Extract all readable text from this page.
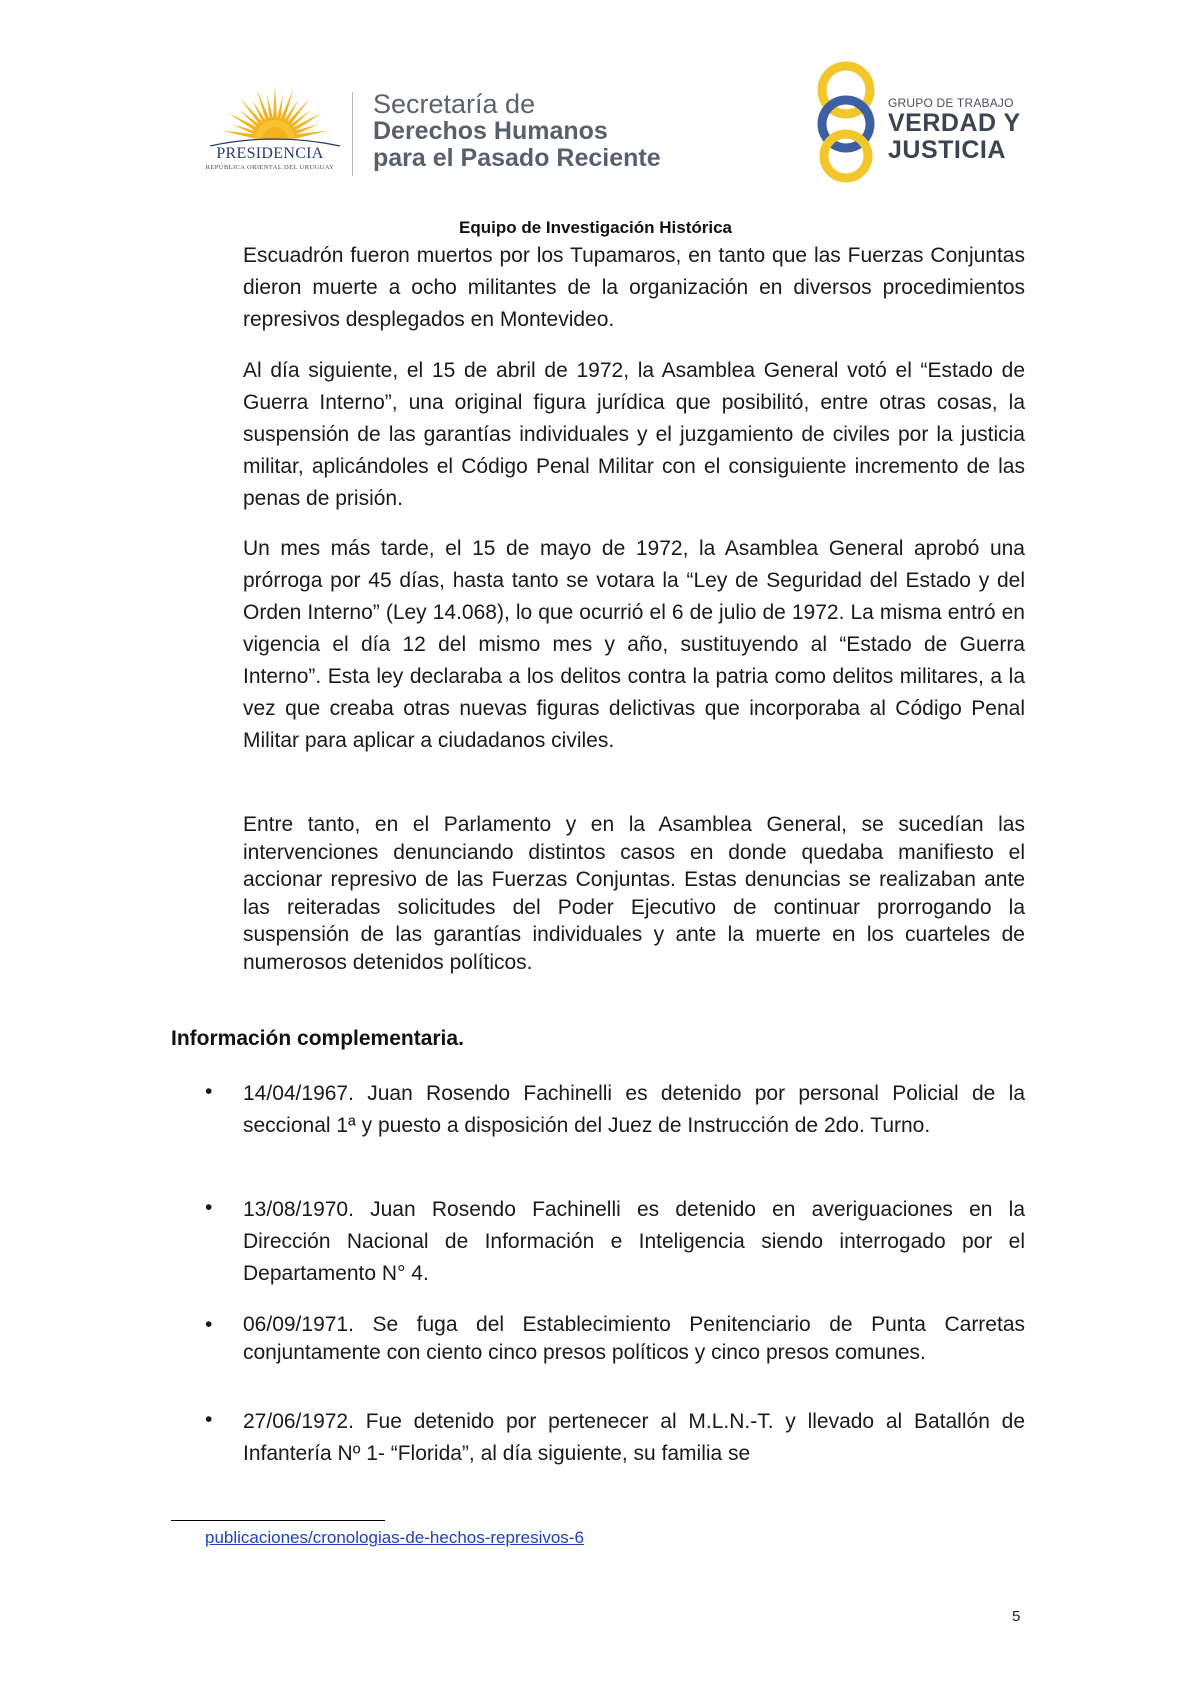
PRESIDENCIA
REPÚBLICA ORIENTAL DEL URUGUAY
Secretaría de
Derechos Humanos
para el Pasado Reciente
GRUPO DE TRABAJO
VERDAD Y
JUSTICIA
Equipo de Investigación Histórica
Escuadrón fueron muertos por los Tupamaros, en tanto que las Fuerzas Conjuntas dieron muerte a ocho militantes de la organización en diversos procedimientos represivos desplegados en Montevideo.
Al día siguiente, el 15 de abril de 1972, la Asamblea General votó el “Estado de Guerra Interno”, una original figura jurídica que posibilitó, entre otras cosas, la suspensión de las garantías individuales y el juzgamiento de civiles por la justicia militar, aplicándoles el Código Penal Militar con el consiguiente incremento de las penas de prisión.
Un mes más tarde, el 15 de mayo de 1972, la Asamblea General aprobó una prórroga por 45 días, hasta tanto se votara la “Ley de Seguridad del Estado y del Orden Interno” (Ley 14.068), lo que ocurrió el 6 de julio de 1972. La misma entró en vigencia el día 12 del mismo mes y año, sustituyendo al “Estado de Guerra Interno”. Esta ley declaraba a los delitos contra la patria como delitos militares, a la vez que creaba otras nuevas figuras delictivas que incorporaba al Código Penal Militar para aplicar a ciudadanos civiles.
Entre tanto, en el Parlamento y en la Asamblea General, se sucedían las intervenciones denunciando distintos casos en donde quedaba manifiesto el accionar represivo de las Fuerzas Conjuntas. Estas denuncias se realizaban ante las reiteradas solicitudes del Poder Ejecutivo de continuar prorrogando la suspensión de las garantías individuales y ante la muerte en los cuarteles de numerosos detenidos políticos.
Información complementaria.
•	14/04/1967. Juan Rosendo Fachinelli es detenido por personal Policial de la seccional 1ª y puesto a disposición del Juez de Instrucción de 2do. Turno.
•	13/08/1970. Juan Rosendo Fachinelli es detenido en averiguaciones en la Dirección Nacional de Información e Inteligencia siendo interrogado por el Departamento N° 4.
•	06/09/1971. Se fuga del Establecimiento Penitenciario de Punta Carretas conjuntamente con ciento cinco presos políticos y cinco presos comunes.
•	27/06/1972. Fue detenido por pertenecer al M.L.N.-T. y llevado al Batallón de Infantería Nº 1- “Florida”, al día siguiente, su familia se
publicaciones/cronologias-de-hechos-represivos-6
5
